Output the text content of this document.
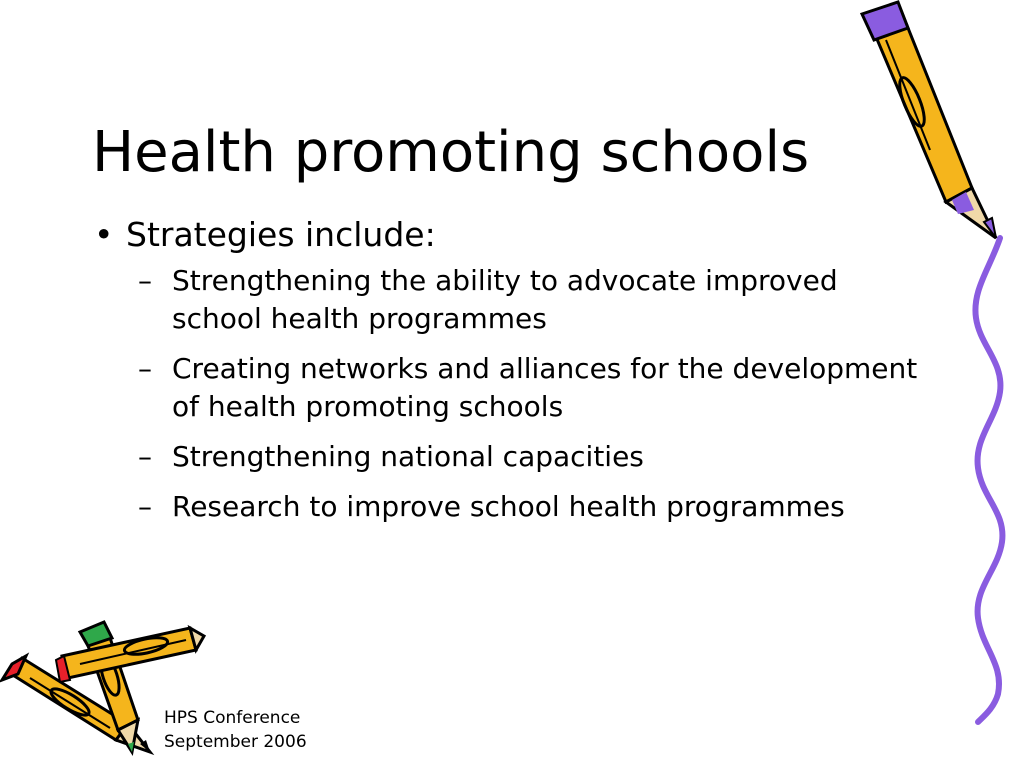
Health promoting schools
• Strategies include:
– Strengthening the ability to advocate improved school health programmes
– Creating networks and alliances for the development of health promoting schools
– Strengthening national capacities
– Research to improve school health programmes
HPS Conference
September 2006
